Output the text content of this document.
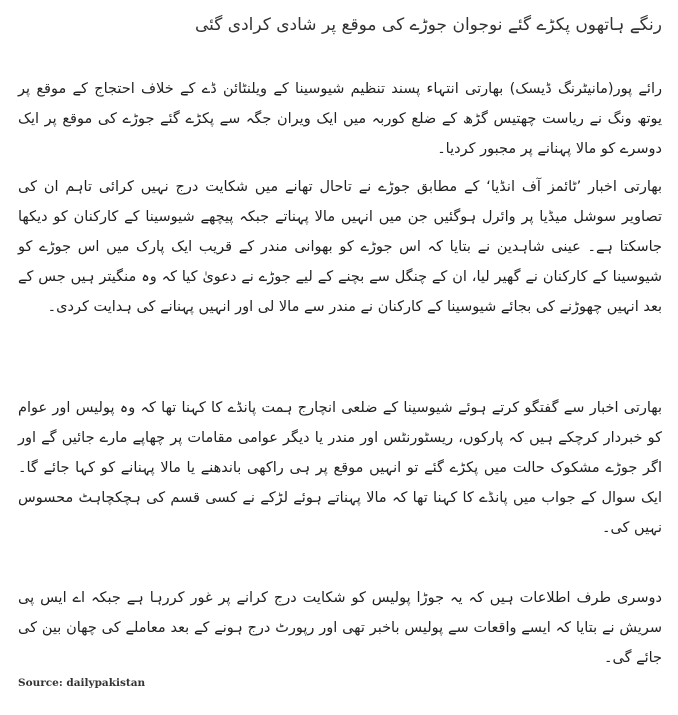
رنگے ہاتھوں پکڑے گئے نوجوان جوڑے کی موقع پر شادی کرادی گئی

رائے پور(مانیٹرنگ ڈیسک) بھارتی انتہاء پسند تنظیم شیوسینا کے ویلنٹائن ڈے کے خلاف احتجاج کے موقع پر یوتھ ونگ نے ریاست چھتیس گڑھ کے ضلع کوربہ میں ایک ویران جگہ سے پکڑے گئے جوڑے کی موقع پر ایک دوسرے کو مالا پہنانے پر مجبور کردیا۔

بھارتی اخبار ’ٹائمز آف انڈیا‘ کے مطابق جوڑے نے تاحال تھانے میں شکایت درج نہیں کرائی تاہم ان کی تصاویر سوشل میڈیا پر وائرل ہوگئیں جن میں انہیں مالا پہناتے جبکہ پیچھے شیوسینا کے کارکنان کو دیکھا جاسکتا ہے۔ عینی شاہدین نے بتایا کہ اس جوڑے کو بھوانی مندر کے قریب ایک پارک میں اس جوڑے کو شیوسینا کے کارکنان نے گھیر لیا، ان کے چنگل سے بچنے کے لیے جوڑے نے دعویٰ کیا کہ وہ منگیتر ہیں جس کے بعد انہیں چھوڑنے کی بجائے شیوسینا کے کارکنان نے مندر سے مالا لی اور انہیں پہنانے کی ہدایت کردی۔

بھارتی اخبار سے گفتگو کرتے ہوئے شیوسینا کے ضلعی انچارج ہمت پانڈے کا کہنا تھا کہ وہ پولیس اور عوام کو خبردار کرچکے ہیں کہ پارکوں، ریسٹورنٹس اور مندر یا دیگر عوامی مقامات پر چھاپے مارے جائیں گے اور اگر جوڑے مشکوک حالت میں پکڑے گئے تو انہیں موقع پر ہی راکھی باندھنے یا مالا پہنانے کو کہا جائے گا۔ ایک سوال کے جواب میں پانڈے کا کہنا تھا کہ مالا پہناتے ہوئے لڑکے نے کسی قسم کی ہچکچاہٹ محسوس نہیں کی۔

دوسری طرف اطلاعات ہیں کہ یہ جوڑا پولیس کو شکایت درج کرانے پر غور کررہا ہے جبکہ اے ایس پی سریش نے بتایا کہ ایسے واقعات سے پولیس باخبر تھی اور رپورٹ درج ہونے کے بعد معاملے کی چھان بین کی جائے گی۔

Source: dailypakistan
